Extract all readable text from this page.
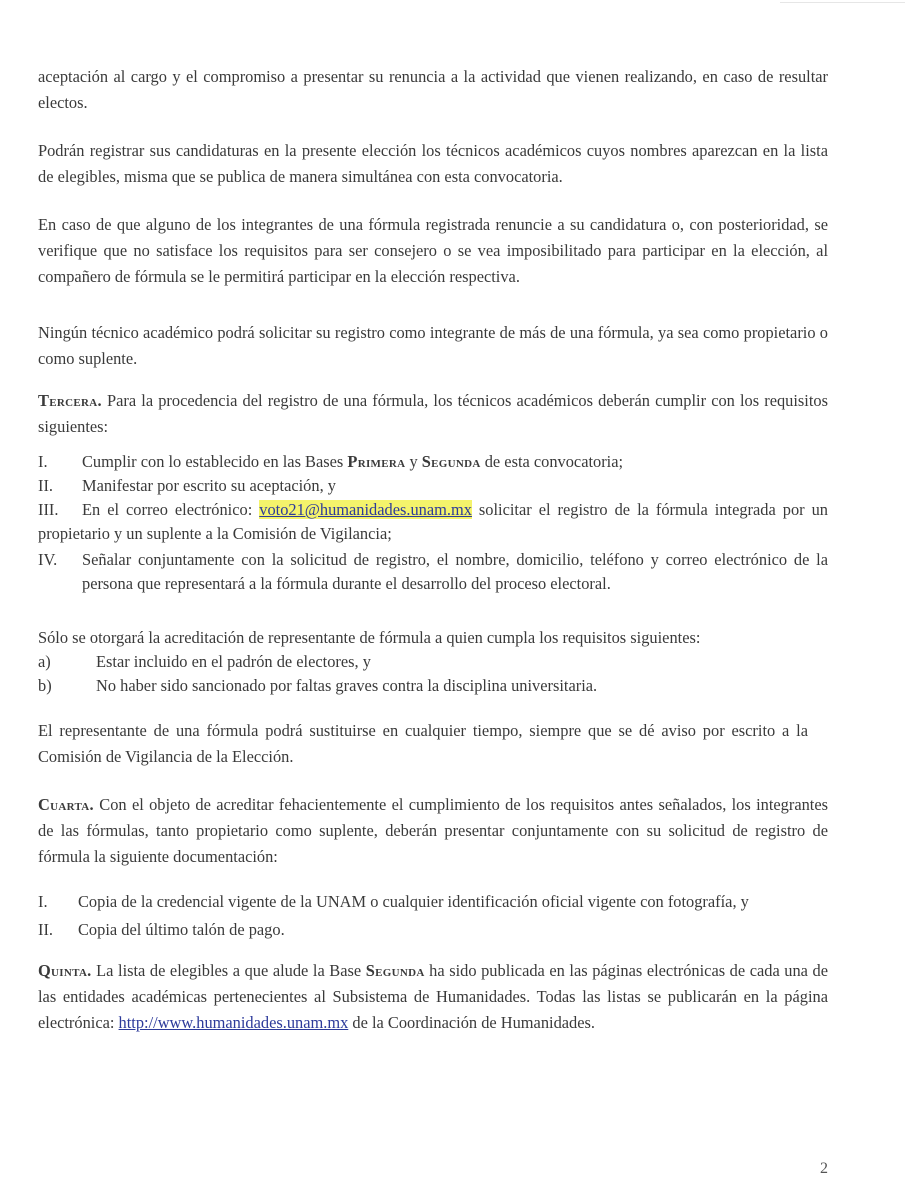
aceptación al cargo y el compromiso a presentar su renuncia a la actividad que vienen realizando, en caso de resultar electos.

Podrán registrar sus candidaturas en la presente elección los técnicos académicos cuyos nombres aparezcan en la lista de elegibles, misma que se publica de manera simultánea con esta convocatoria.

En caso de que alguno de los integrantes de una fórmula registrada renuncie a su candidatura o, con posterioridad, se verifique que no satisface los requisitos para ser consejero o se vea imposibilitado para participar en la elección, al compañero de fórmula se le permitirá participar en la elección respectiva.

Ningún técnico académico podrá solicitar su registro como integrante de más de una fórmula, ya sea como propietario o como suplente.

Tercera. Para la procedencia del registro de una fórmula, los técnicos académicos deberán cumplir con los requisitos siguientes:

I.	Cumplir con lo establecido en las Bases Primera y Segunda de esta convocatoria;
II.	Manifestar por escrito su aceptación, y
III. En el correo electrónico: voto21@humanidades.unam.mx solicitar el registro de la fórmula integrada por un propietario y un suplente a la Comisión de Vigilancia;
IV.	Señalar conjuntamente con la solicitud de registro, el nombre, domicilio, teléfono y correo electrónico de la persona que representará a la fórmula durante el desarrollo del proceso electoral.

Sólo se otorgará la acreditación de representante de fórmula a quien cumpla los requisitos siguientes:

a)	Estar incluido en el padrón de electores, y
b)	No haber sido sancionado por faltas graves contra la disciplina universitaria.

El representante de una fórmula podrá sustituirse en cualquier tiempo, siempre que se dé aviso por escrito a la Comisión de Vigilancia de la Elección.

Cuarta. Con el objeto de acreditar fehacientemente el cumplimiento de los requisitos antes señalados, los integrantes de las fórmulas, tanto propietario como suplente, deberán presentar conjuntamente con su solicitud de registro de fórmula la siguiente documentación:

I. Copia de la credencial vigente de la UNAM o cualquier identificación oficial vigente con fotografía, y
II. Copia del último talón de pago.

Quinta. La lista de elegibles a que alude la Base Segunda ha sido publicada en las páginas electrónicas de cada una de las entidades académicas pertenecientes al Subsistema de Humanidades. Todas las listas se publicarán en la página electrónica: http://www.humanidades.unam.mx de la Coordinación de Humanidades.

2
